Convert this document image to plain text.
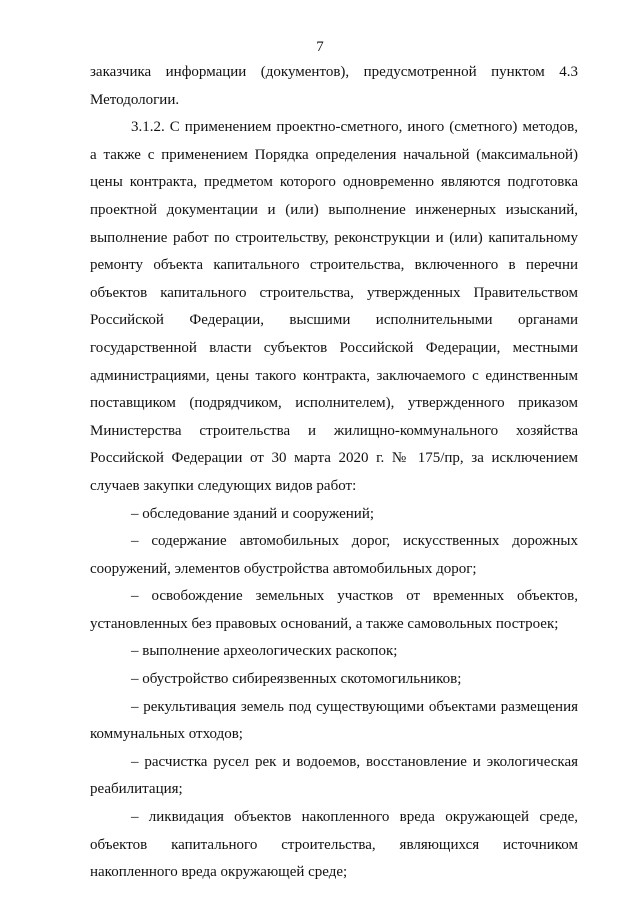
7

заказчика информации (документов), предусмотренной пунктом 4.3 Методологии.

3.1.2. С применением проектно-сметного, иного (сметного) методов, а также с применением Порядка определения начальной (максимальной) цены контракта, предметом которого одновременно являются подготовка проектной документации и (или) выполнение инженерных изысканий, выполнение работ по строительству, реконструкции и (или) капитальному ремонту объекта капитального строительства, включенного в перечни объектов капитального строительства, утвержденных Правительством Российской Федерации, высшими исполнительными органами государственной власти субъектов Российской Федерации, местными администрациями, цены такого контракта, заключаемого с единственным поставщиком (подрядчиком, исполнителем), утвержденного приказом Министерства строительства и жилищно-коммунального хозяйства Российской Федерации от 30 марта 2020 г. № 175/пр, за исключением случаев закупки следующих видов работ:

– обследование зданий и сооружений;

– содержание автомобильных дорог, искусственных дорожных сооружений, элементов обустройства автомобильных дорог;

– освобождение земельных участков от временных объектов, установленных без правовых оснований, а также самовольных построек;

– выполнение археологических раскопок;

– обустройство сибиреязвенных скотомогильников;

– рекультивация земель под существующими объектами размещения коммунальных отходов;

– расчистка русел рек и водоемов, восстановление и экологическая реабилитация;

– ликвидация объектов накопленного вреда окружающей среде, объектов капитального строительства, являющихся источником накопленного вреда окружающей среде;
